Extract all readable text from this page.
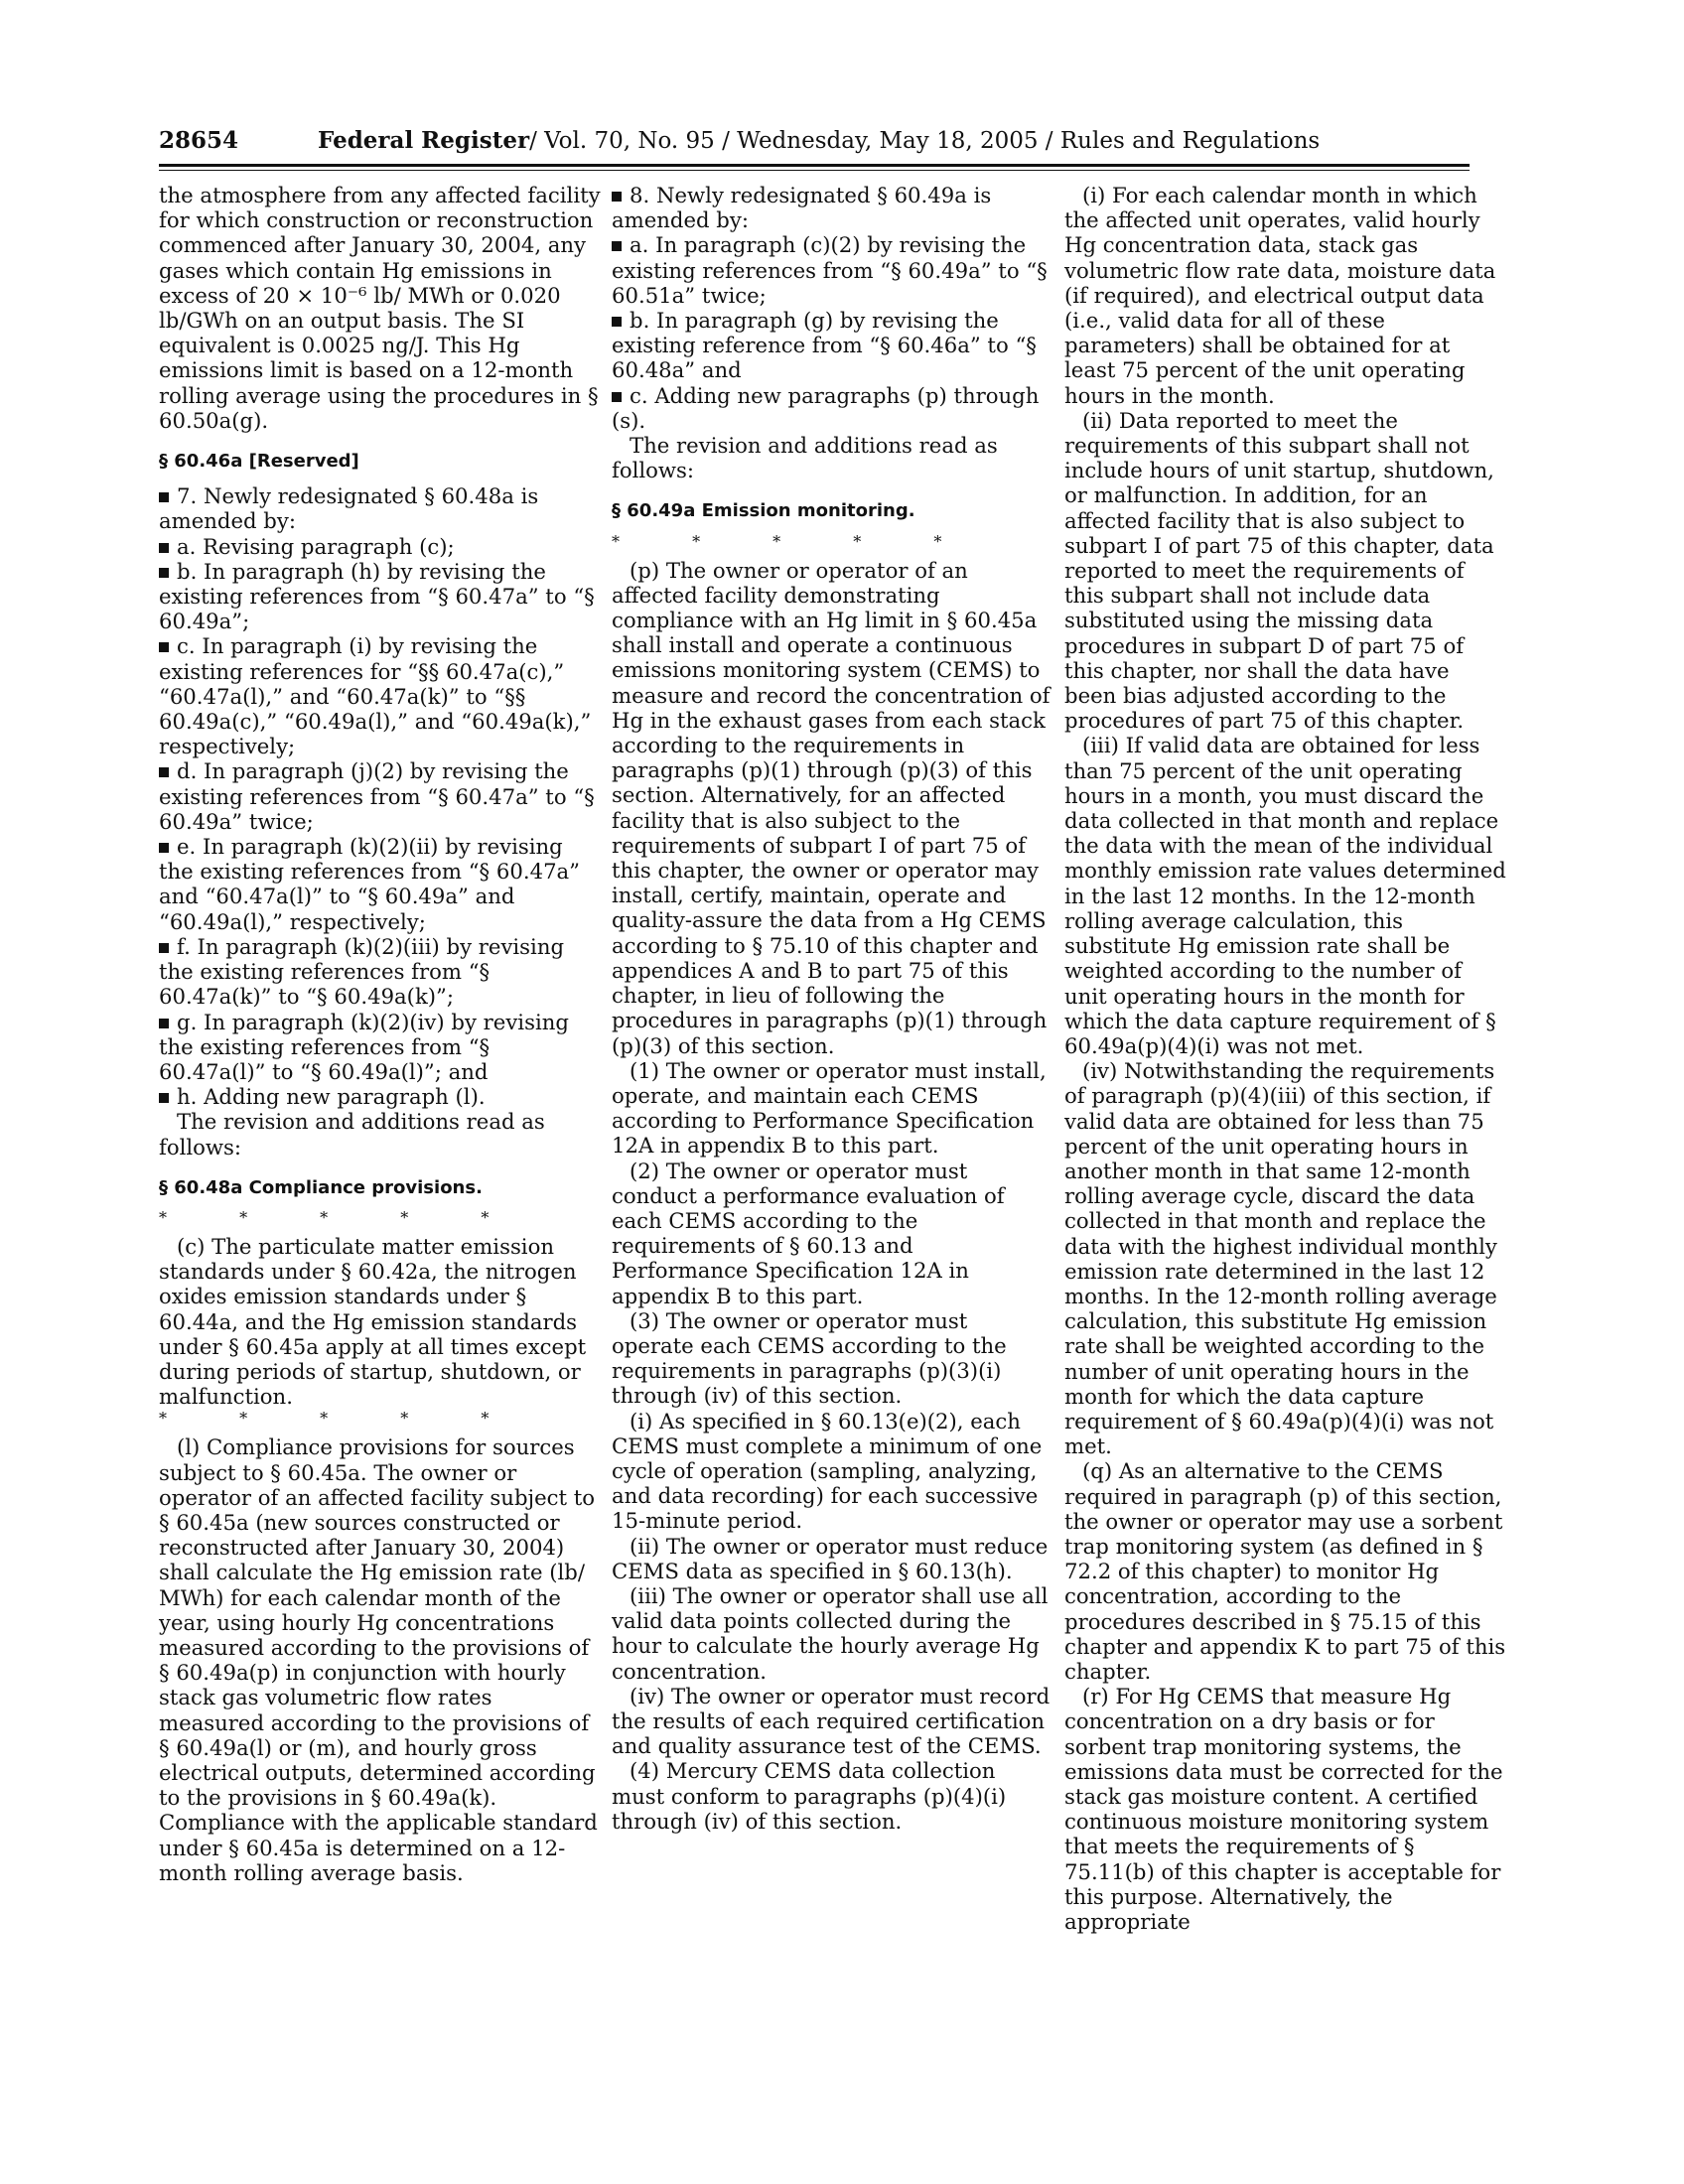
28654	Federal Register/ Vol. 70, No. 95 / Wednesday, May 18, 2005 / Rules and Regulations

the atmosphere from any affected facility for which construction or reconstruction commenced after January 30, 2004, any gases which contain Hg emissions in excess of 20 × 10⁻⁶ lb/ MWh or 0.020 lb/GWh on an output basis. The SI equivalent is 0.0025 ng/J. This Hg emissions limit is based on a 12-month rolling average using the procedures in § 60.50a(g).

§ 60.46a [Reserved]

7. Newly redesignated § 60.48a is amended by:

a. Revising paragraph (c);

b. In paragraph (h) by revising the existing references from “§ 60.47a” to “§ 60.49a”;

c. In paragraph (i) by revising the existing references for “§§ 60.47a(c),” “60.47a(l),” and “60.47a(k)” to “§§ 60.49a(c),” “60.49a(l),” and “60.49a(k),” respectively;

d. In paragraph (j)(2) by revising the existing references from “§ 60.47a” to “§ 60.49a” twice;

e. In paragraph (k)(2)(ii) by revising the existing references from “§ 60.47a” and “60.47a(l)” to “§ 60.49a” and “60.49a(l),” respectively;

f. In paragraph (k)(2)(iii) by revising the existing references from “§ 60.47a(k)” to “§ 60.49a(k)”;

g. In paragraph (k)(2)(iv) by revising the existing references from “§ 60.47a(l)” to “§ 60.49a(l)”; and

h. Adding new paragraph (l).

The revision and additions read as follows:

§ 60.48a Compliance provisions.
* * * * *

(c) The particulate matter emission standards under § 60.42a, the nitrogen oxides emission standards under § 60.44a, and the Hg emission standards under § 60.45a apply at all times except during periods of startup, shutdown, or malfunction.

* * * * *

(l) Compliance provisions for sources subject to § 60.45a. The owner or operator of an affected facility subject to § 60.45a (new sources constructed or reconstructed after January 30, 2004) shall calculate the Hg emission rate (lb/ MWh) for each calendar month of the year, using hourly Hg concentrations measured according to the provisions of § 60.49a(p) in conjunction with hourly stack gas volumetric flow rates measured according to the provisions of § 60.49a(l) or (m), and hourly gross electrical outputs, determined according to the provisions in § 60.49a(k). Compliance with the applicable standard under § 60.45a is determined on a 12-month rolling average basis.

8. Newly redesignated § 60.49a is amended by:

a. In paragraph (c)(2) by revising the existing references from “§ 60.49a” to “§ 60.51a” twice;

b. In paragraph (g) by revising the existing reference from “§ 60.46a” to “§ 60.48a” and

c. Adding new paragraphs (p) through (s).

The revision and additions read as follows:

§ 60.49a Emission monitoring.
* * * * *

(p) The owner or operator of an affected facility demonstrating compliance with an Hg limit in § 60.45a shall install and operate a continuous emissions monitoring system (CEMS) to measure and record the concentration of Hg in the exhaust gases from each stack according to the requirements in paragraphs (p)(1) through (p)(3) of this section. Alternatively, for an affected facility that is also subject to the requirements of subpart I of part 75 of this chapter, the owner or operator may install, certify, maintain, operate and quality-assure the data from a Hg CEMS according to § 75.10 of this chapter and appendices A and B to part 75 of this chapter, in lieu of following the procedures in paragraphs (p)(1) through (p)(3) of this section.

(1) The owner or operator must install, operate, and maintain each CEMS according to Performance Specification 12A in appendix B to this part.

(2) The owner or operator must conduct a performance evaluation of each CEMS according to the requirements of § 60.13 and Performance Specification 12A in appendix B to this part.

(3) The owner or operator must operate each CEMS according to the requirements in paragraphs (p)(3)(i) through (iv) of this section.

(i) As specified in § 60.13(e)(2), each CEMS must complete a minimum of one cycle of operation (sampling, analyzing, and data recording) for each successive 15-minute period.

(ii) The owner or operator must reduce CEMS data as specified in § 60.13(h).

(iii) The owner or operator shall use all valid data points collected during the hour to calculate the hourly average Hg concentration.

(iv) The owner or operator must record the results of each required certification and quality assurance test of the CEMS.

(4) Mercury CEMS data collection must conform to paragraphs (p)(4)(i) through (iv) of this section.

(i) For each calendar month in which the affected unit operates, valid hourly Hg concentration data, stack gas volumetric flow rate data, moisture data (if required), and electrical output data (i.e., valid data for all of these parameters) shall be obtained for at least 75 percent of the unit operating hours in the month.

(ii) Data reported to meet the requirements of this subpart shall not include hours of unit startup, shutdown, or malfunction. In addition, for an affected facility that is also subject to subpart I of part 75 of this chapter, data reported to meet the requirements of this subpart shall not include data substituted using the missing data procedures in subpart D of part 75 of this chapter, nor shall the data have been bias adjusted according to the procedures of part 75 of this chapter.

(iii) If valid data are obtained for less than 75 percent of the unit operating hours in a month, you must discard the data collected in that month and replace the data with the mean of the individual monthly emission rate values determined in the last 12 months. In the 12-month rolling average calculation, this substitute Hg emission rate shall be weighted according to the number of unit operating hours in the month for which the data capture requirement of § 60.49a(p)(4)(i) was not met.

(iv) Notwithstanding the requirements of paragraph (p)(4)(iii) of this section, if valid data are obtained for less than 75 percent of the unit operating hours in another month in that same 12-month rolling average cycle, discard the data collected in that month and replace the data with the highest individual monthly emission rate determined in the last 12 months. In the 12-month rolling average calculation, this substitute Hg emission rate shall be weighted according to the number of unit operating hours in the month for which the data capture requirement of § 60.49a(p)(4)(i) was not met.

(q) As an alternative to the CEMS required in paragraph (p) of this section, the owner or operator may use a sorbent trap monitoring system (as defined in § 72.2 of this chapter) to monitor Hg concentration, according to the procedures described in § 75.15 of this chapter and appendix K to part 75 of this chapter.

(r) For Hg CEMS that measure Hg concentration on a dry basis or for sorbent trap monitoring systems, the emissions data must be corrected for the stack gas moisture content. A certified continuous moisture monitoring system that meets the requirements of § 75.11(b) of this chapter is acceptable for this purpose. Alternatively, the appropriate
